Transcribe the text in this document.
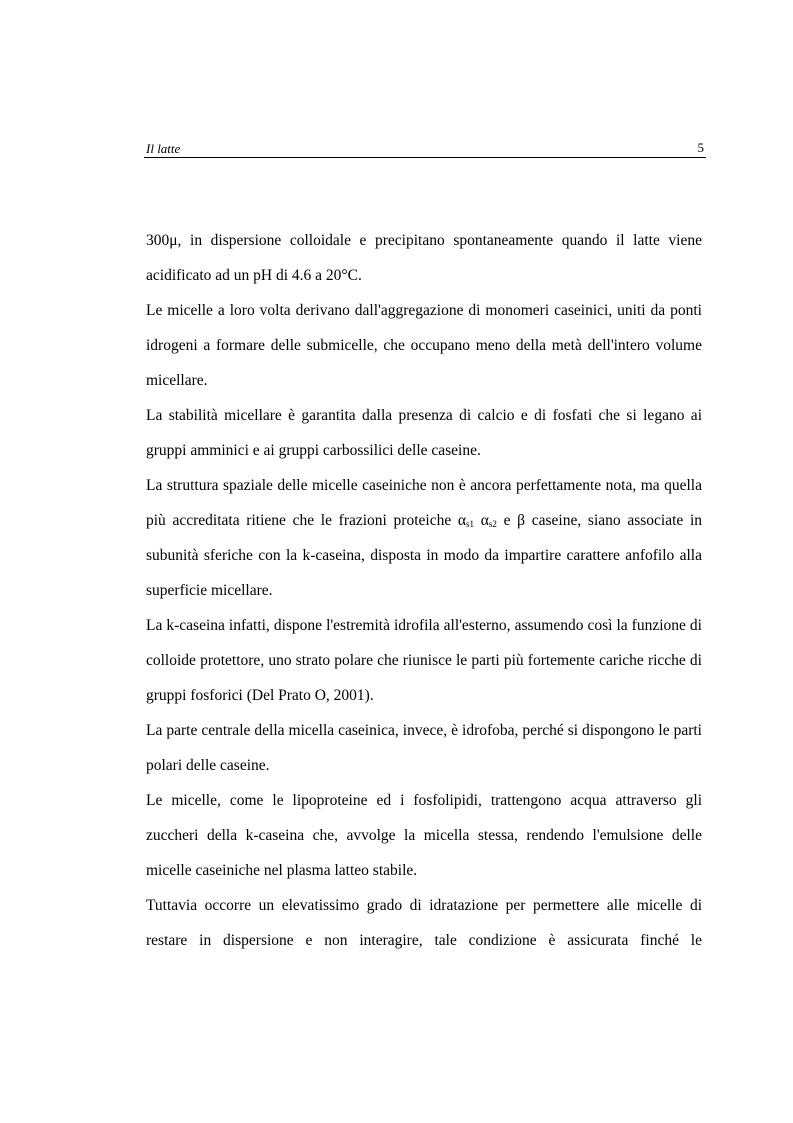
Il latte	5

300μ, in dispersione colloidale e precipitano spontaneamente quando il latte viene acidificato ad un pH di 4.6 a 20°C.

Le micelle a loro volta derivano dall'aggregazione di monomeri caseinici, uniti da ponti idrogeni a formare delle submicelle, che occupano meno della metà dell'intero volume micellare.

La stabilità micellare è garantita dalla presenza di calcio e di fosfati che si legano ai gruppi amminici e ai gruppi carbossilici delle caseine.

La struttura spaziale delle micelle caseiniche non è ancora perfettamente nota, ma quella più accreditata ritiene che le frazioni proteiche $\alpha_{s1}$ $\alpha_{s2}$ e β caseine, siano associate in subunità sferiche con la k-caseina, disposta in modo da impartire carattere anfofilo alla superficie micellare.

La k-caseina infatti, dispone l'estremità idrofila all'esterno, assumendo così la funzione di colloide protettore, uno strato polare che riunisce le parti più fortemente cariche ricche di gruppi fosforici (Del Prato O, 2001).

La parte centrale della micella caseinica, invece, è idrofoba, perché si dispongono le parti polari delle caseine.

Le micelle, come le lipoproteine ed i fosfolipidi, trattengono acqua attraverso gli zuccheri della k-caseina che, avvolge la micella stessa, rendendo l'emulsione delle micelle caseiniche nel plasma latteo stabile.

Tuttavia occorre un elevatissimo grado di idratazione per permettere alle micelle di restare in dispersione e non interagire, tale condizione è assicurata finché le
